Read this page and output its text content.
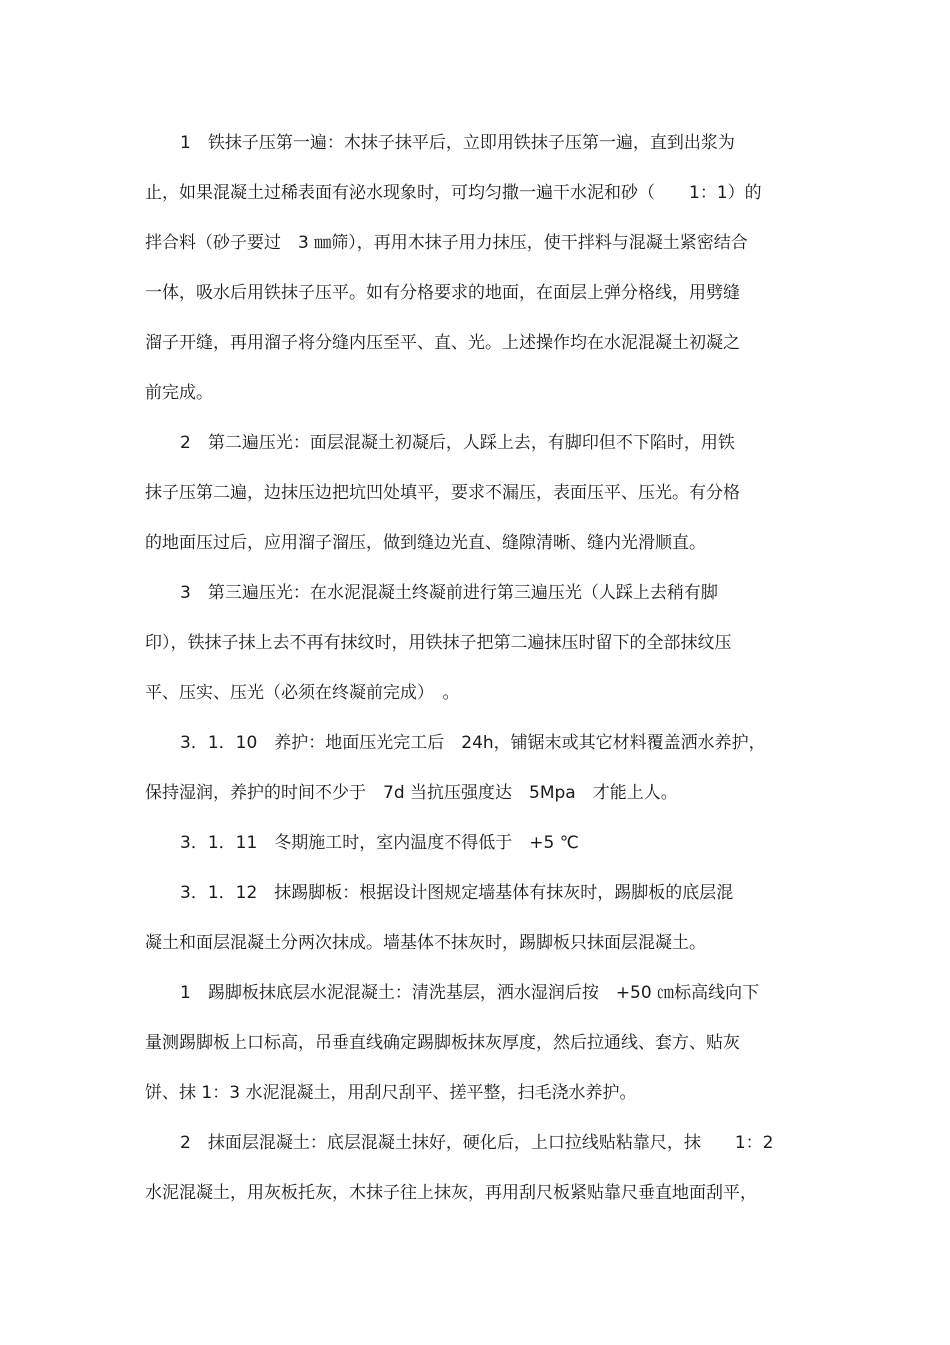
1　铁抹子压第一遍：木抹子抹平后，立即用铁抹子压第一遍，直到出浆为
止，如果混凝土过稀表面有泌水现象时，可均匀撒一遍干水泥和砂（　　1：1）的
拌合料（砂子要过　3 ㎜筛），再用木抹子用力抹压，使干拌料与混凝土紧密结合
一体，吸水后用铁抹子压平。如有分格要求的地面，在面层上弹分格线，用劈缝
溜子开缝，再用溜子将分缝内压至平、直、光。上述操作均在水泥混凝土初凝之
前完成。
2　第二遍压光：面层混凝土初凝后，人踩上去，有脚印但不下陷时，用铁
抹子压第二遍，边抹压边把坑凹处填平，要求不漏压，表面压平、压光。有分格
的地面压过后，应用溜子溜压，做到缝边光直、缝隙清晰、缝内光滑顺直。
3　第三遍压光：在水泥混凝土终凝前进行第三遍压光（人踩上去稍有脚
印），铁抹子抹上去不再有抹纹时，用铁抹子把第二遍抹压时留下的全部抹纹压
平、压实、压光（必须在终凝前完成）　。
3．1．10　养护：地面压光完工后　24h，铺锯末或其它材料覆盖洒水养护，
保持湿润，养护的时间不少于　7d 当抗压强度达　5Mpa　才能上人。
3．1．11　冬期施工时，室内温度不得低于　+5 ℃
3．1．12　抹踢脚板：根据设计图规定墙基体有抹灰时，踢脚板的底层混
凝土和面层混凝土分两次抹成。墙基体不抹灰时，踢脚板只抹面层混凝土。
1　踢脚板抹底层水泥混凝土：清洗基层，洒水湿润后按　+50 ㎝标高线向下
量测踢脚板上口标高，吊垂直线确定踢脚板抹灰厚度，然后拉通线、套方、贴灰
饼、抹 1：3 水泥混凝土，用刮尺刮平、搓平整，扫毛浇水养护。
2　抹面层混凝土：底层混凝土抹好，硬化后，上口拉线贴粘靠尺，抹　　1：2
水泥混凝土，用灰板托灰，木抹子往上抹灰，再用刮尺板紧贴靠尺垂直地面刮平，
